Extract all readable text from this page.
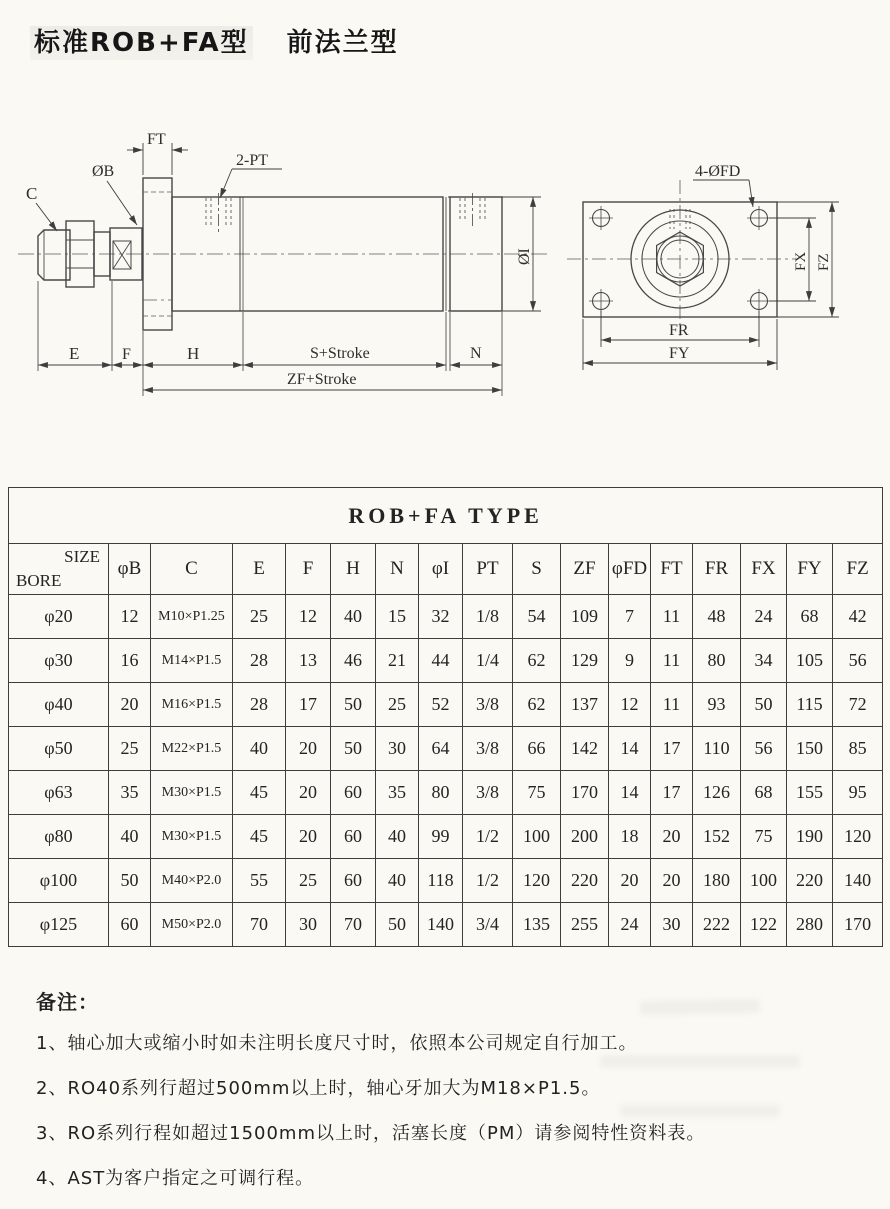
标准ROB+FA型 前法兰型
C
ØB
2-PT
FT
ØI
E	F	H	S+Stroke	N
ZF+Stroke
4-ØFD
FX FZ
FR
FY
ROB+FA TYPE																

SIZE
BORE	φB	C	E	F	H	N	φI	PT	S	ZF	φFD	FT	FR	FX	FY	FZ
φ20	12	M10×P1.25	25	12	40	15	32	1/8	54	109	7	11	48	24	68	42
φ30	16	M14×P1.5	28	13	46	21	44	1/4	62	129	9	11	80	34	105	56
φ40	20	M16×P1.5	28	17	50	25	52	3/8	62	137	12	11	93	50	115	72
φ50	25	M22×P1.5	40	20	50	30	64	3/8	66	142	14	17	110	56	150	85
φ63	35	M30×P1.5	45	20	60	35	80	3/8	75	170	14	17	126	68	155	95
φ80	40	M30×P1.5	45	20	60	40	99	1/2	100	200	18	20	152	75	190	120
φ100	50	M40×P2.0	55	25	60	40	118	1/2	120	220	20	20	180	100	220	140
φ125	60	M50×P2.0	70	30	70	50	140	3/4	135	255	24	30	222	122	280	170
备注：
1、轴心加大或缩小时如未注明长度尺寸时，依照本公司规定自行加工。
2、RO40系列行超过500mm以上时，轴心牙加大为M18×P1.5。
3、RO系列行程如超过1500mm以上时，活塞长度（PM）请参阅特性资料表。
4、AST为客户指定之可调行程。
